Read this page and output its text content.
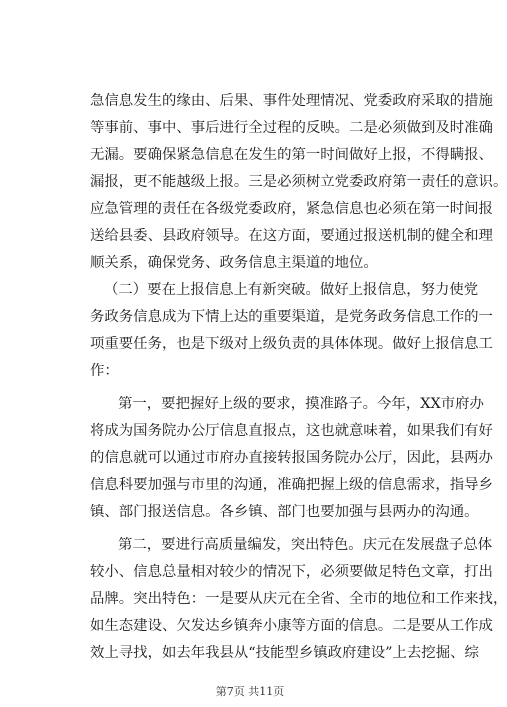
急信息发生的缘由、后果、事件处理情况、党委政府采取的措施
等事前、事中、事后进行全过程的反映。二是必须做到及时准确
无漏。要确保紧急信息在发生的第一时间做好上报，不得瞒报、
漏报，更不能越级上报。三是必须树立党委政府第一责任的意识。
应急管理的责任在各级党委政府，紧急信息也必须在第一时间报
送给县委、县政府领导。在这方面，要通过报送机制的健全和理
顺关系，确保党务、政务信息主渠道的地位。
（二）要在上报信息上有新突破。做好上报信息，努力使党
务政务信息成为下情上达的重要渠道，是党务政务信息工作的一
项重要任务，也是下级对上级负责的具体体现。做好上报信息工
作：
第一，要把握好上级的要求，摸准路子。今年，XX市府办
将成为国务院办公厅信息直报点，这也就意味着，如果我们有好
的信息就可以通过市府办直接转报国务院办公厅，因此，县两办
信息科要加强与市里的沟通，准确把握上级的信息需求，指导乡
镇、部门报送信息。各乡镇、部门也要加强与县两办的沟通。
第二，要进行高质量编发，突出特色。庆元在发展盘子总体
较小、信息总量相对较少的情况下，必须要做足特色文章，打出
品牌。突出特色：一是要从庆元在全省、全市的地位和工作来找，
如生态建设、欠发达乡镇奔小康等方面的信息。二是要从工作成
效上寻找，如去年我县从“技能型乡镇政府建设”上去挖掘、综
第7页 共11页
